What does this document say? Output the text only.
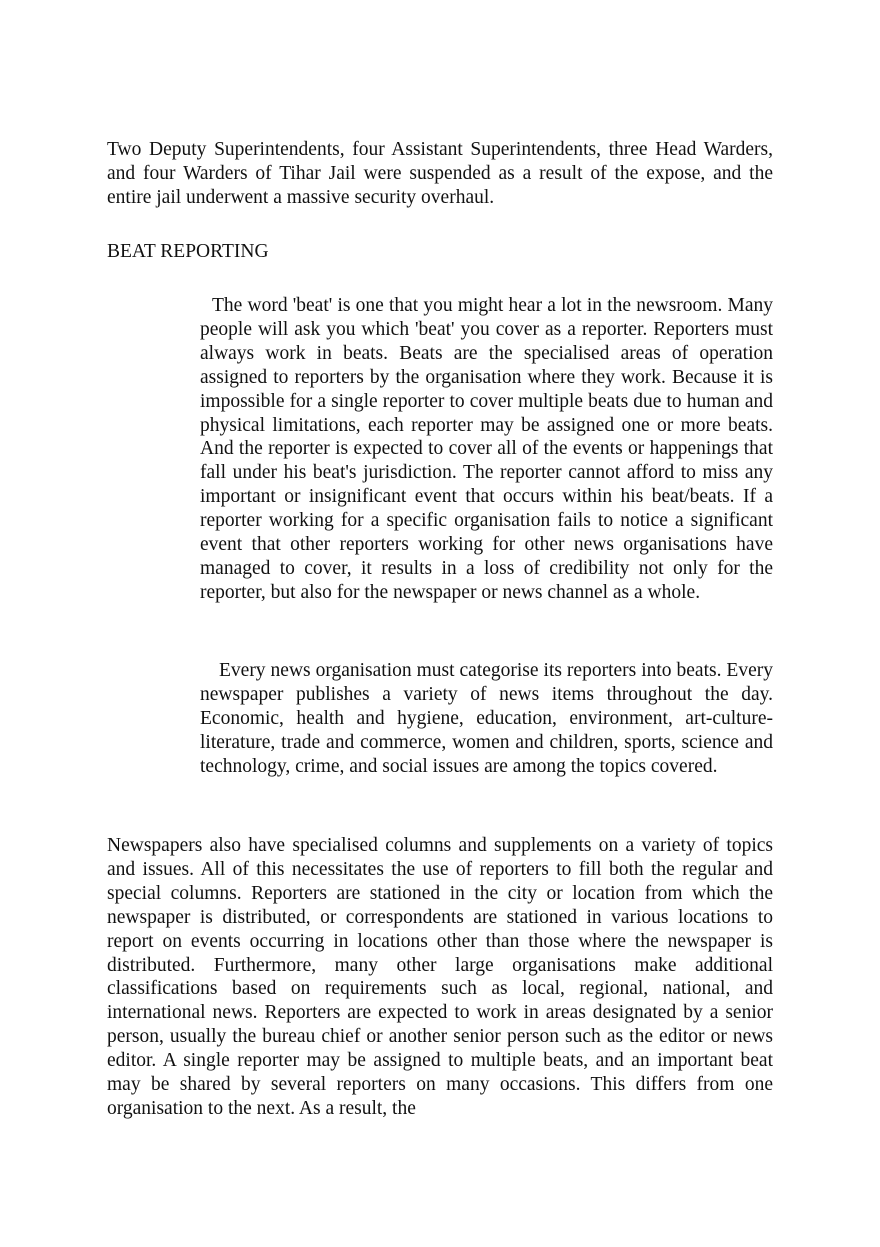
Two Deputy Superintendents, four Assistant Superintendents, three Head Warders, and four Warders of Tihar Jail were suspended as a result of the expose, and the entire jail underwent a massive security overhaul.

BEAT REPORTING

The word 'beat' is one that you might hear a lot in the newsroom. Many people will ask you which 'beat' you cover as a reporter. Reporters must always work in beats. Beats are the specialised areas of operation assigned to reporters by the organisation where they work. Because it is impossible for a single reporter to cover multiple beats due to human and physical limitations, each reporter may be assigned one or more beats. And the reporter is expected to cover all of the events or happenings that fall under his beat's jurisdiction. The reporter cannot afford to miss any important or insignificant event that occurs within his beat/beats. If a reporter working for a specific organisation fails to notice a significant event that other reporters working for other news organisations have managed to cover, it results in a loss of credibility not only for the reporter, but also for the newspaper or news channel as a whole.

Every news organisation must categorise its reporters into beats. Every newspaper publishes a variety of news items throughout the day. Economic, health and hygiene, education, environment, art-culture-literature, trade and commerce, women and children, sports, science and technology, crime, and social issues are among the topics covered.

Newspapers also have specialised columns and supplements on a variety of topics and issues. All of this necessitates the use of reporters to fill both the regular and special columns. Reporters are stationed in the city or location from which the newspaper is distributed, or correspondents are stationed in various locations to report on events occurring in locations other than those where the newspaper is distributed. Furthermore, many other large organisations make additional classifications based on requirements such as local, regional, national, and international news. Reporters are expected to work in areas designated by a senior person, usually the bureau chief or another senior person such as the editor or news editor. A single reporter may be assigned to multiple beats, and an important beat may be shared by several reporters on many occasions. This differs from one organisation to the next. As a result, the
